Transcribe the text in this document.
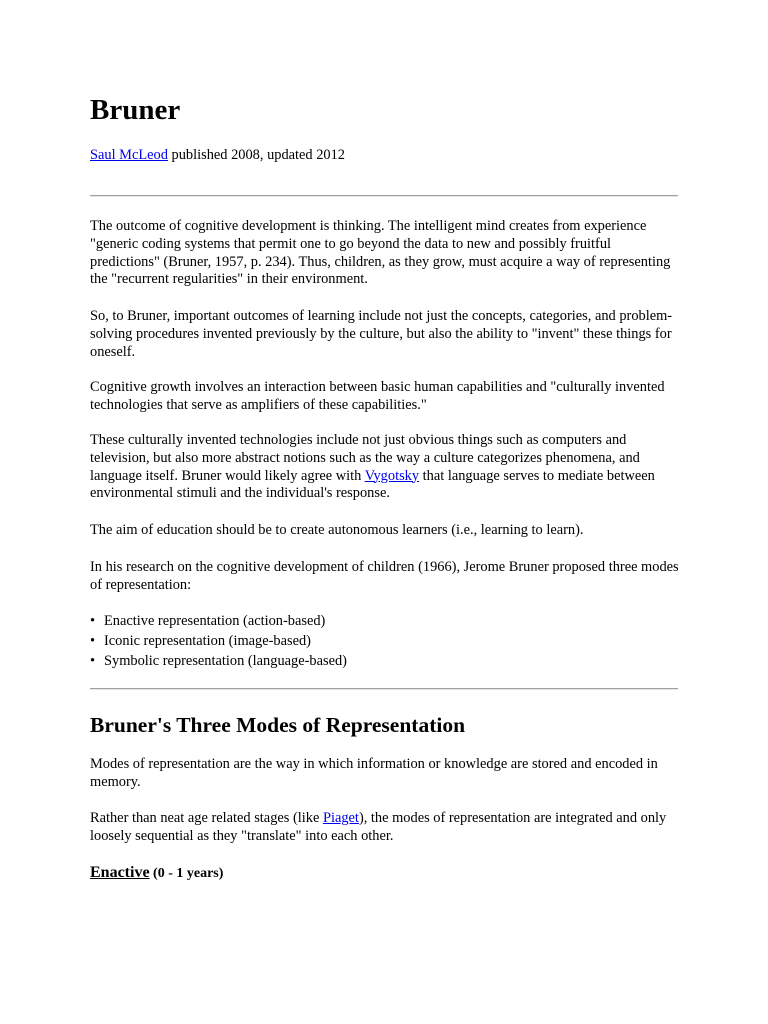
Bruner

Saul McLeod published 2008, updated 2012

The outcome of cognitive development is thinking. The intelligent mind creates from experience "generic coding systems that permit one to go beyond the data to new and possibly fruitful predictions" (Bruner, 1957, p. 234). Thus, children, as they grow, must acquire a way of representing the "recurrent regularities" in their environment.

So, to Bruner, important outcomes of learning include not just the concepts, categories, and problem-solving procedures invented previously by the culture, but also the ability to "invent" these things for oneself.

Cognitive growth involves an interaction between basic human capabilities and "culturally invented technologies that serve as amplifiers of these capabilities."

These culturally invented technologies include not just obvious things such as computers and television, but also more abstract notions such as the way a culture categorizes phenomena, and language itself. Bruner would likely agree with Vygotsky that language serves to mediate between environmental stimuli and the individual's response.

The aim of education should be to create autonomous learners (i.e., learning to learn).

In his research on the cognitive development of children (1966), Jerome Bruner proposed three modes of representation:

• Enactive representation (action-based)
• Iconic representation (image-based)
• Symbolic representation (language-based)
Bruner's Three Modes of Representation

Modes of representation are the way in which information or knowledge are stored and encoded in memory.

Rather than neat age related stages (like Piaget), the modes of representation are integrated and only loosely sequential as they "translate" into each other.

Enactive (0 - 1 years)
